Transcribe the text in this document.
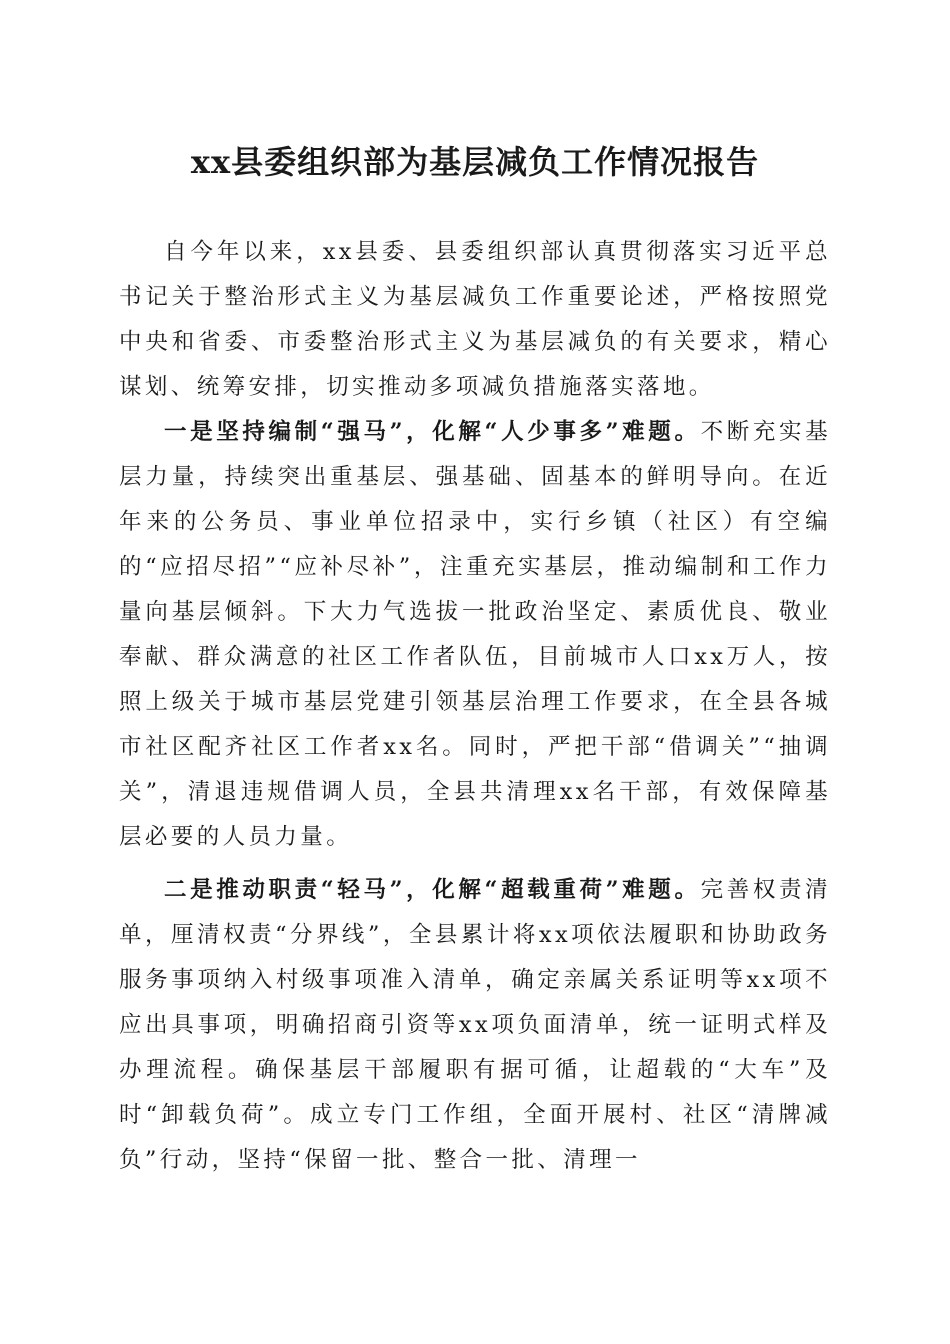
xx县委组织部为基层减负工作情况报告

自今年以来，xx县委、县委组织部认真贯彻落实习近平总书记关于整治形式主义为基层减负工作重要论述，严格按照党中央和省委、市委整治形式主义为基层减负的有关要求，精心谋划、统筹安排，切实推动多项减负措施落实落地。

一是坚持编制“强马”，化解“人少事多”难题。不断充实基层力量，持续突出重基层、强基础、固基本的鲜明导向。在近年来的公务员、事业单位招录中，实行乡镇（社区）有空编的“应招尽招”“应补尽补”，注重充实基层，推动编制和工作力量向基层倾斜。下大力气选拔一批政治坚定、素质优良、敬业奉献、群众满意的社区工作者队伍，目前城市人口xx万人，按照上级关于城市基层党建引领基层治理工作要求，在全县各城市社区配齐社区工作者xx名。同时，严把干部“借调关”“抽调关”，清退违规借调人员，全县共清理xx名干部，有效保障基层必要的人员力量。

二是推动职责“轻马”，化解“超载重荷”难题。完善权责清单，厘清权责“分界线”，全县累计将xx项依法履职和协助政务服务事项纳入村级事项准入清单，确定亲属关系证明等xx项不应出具事项，明确招商引资等xx项负面清单，统一证明式样及办理流程。确保基层干部履职有据可循，让超载的“大车”及时“卸载负荷”。成立专门工作组，全面开展村、社区“清牌减负”行动，坚持“保留一批、整合一批、清理一
